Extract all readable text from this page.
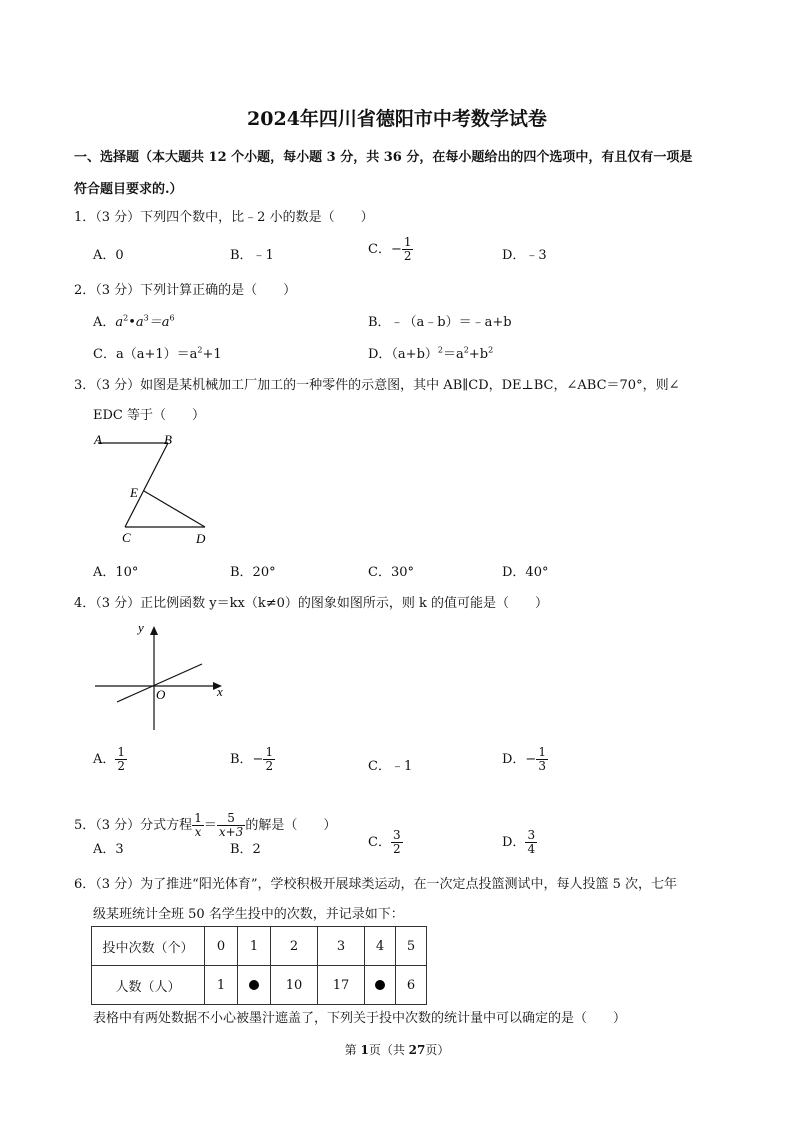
2024年四川省德阳市中考数学试卷
一、选择题（本大题共 12 个小题，每小题 3 分，共 36 分，在每小题给出的四个选项中，有且仅有一项是
符合题目要求的.）
1．（3 分）下列四个数中，比﹣2 小的数是（　　）
A．0	B．﹣1	C．− $\frac{1}{2}$	D．﹣3
2．（3 分）下列计算正确的是（　　）
A．$a^2•a^3=a^6$	B．﹣（a﹣b）＝﹣a+b
C．$a(a+1)=a^2+1$	D．$(a+b)^2=a^2+b^2$
3．（3 分）如图是某机械加工厂加工的一种零件的示意图，其中 AB∥CD，DE⊥BC，∠ABC＝70°，则∠
EDC 等于（　　）
A	B
E
C	D
A．10°	B．20°	C．30°	D．40°
4．（3 分）正比例函数 y＝kx（k≠0）的图象如图所示，则 k 的值可能是（　　）
y
x
O
A． $\frac{1}{2}$	B．− $\frac{1}{2}$	C．﹣1	D．− $\frac{1}{3}$
5．（3 分）分式方程 $\frac{1}{x} = \frac{5}{x+3}$ 的解是（　　）
A．3	B．2	C． $\frac{3}{2}$	D． $\frac{3}{4}$
6．（3 分）为了推进“阳光体育”，学校积极开展球类运动，在一次定点投篮测试中，每人投篮 5 次，七年
级某班统计全班 50 名学生投中的次数，并记录如下：
投中次数（个）	0	1	2	3	4	5
人数（人）	1		10	17		6
表格中有两处数据不小心被墨汁遮盖了，下列关于投中次数的统计量中可以确定的是（　　）
第 1页（共 27页）
